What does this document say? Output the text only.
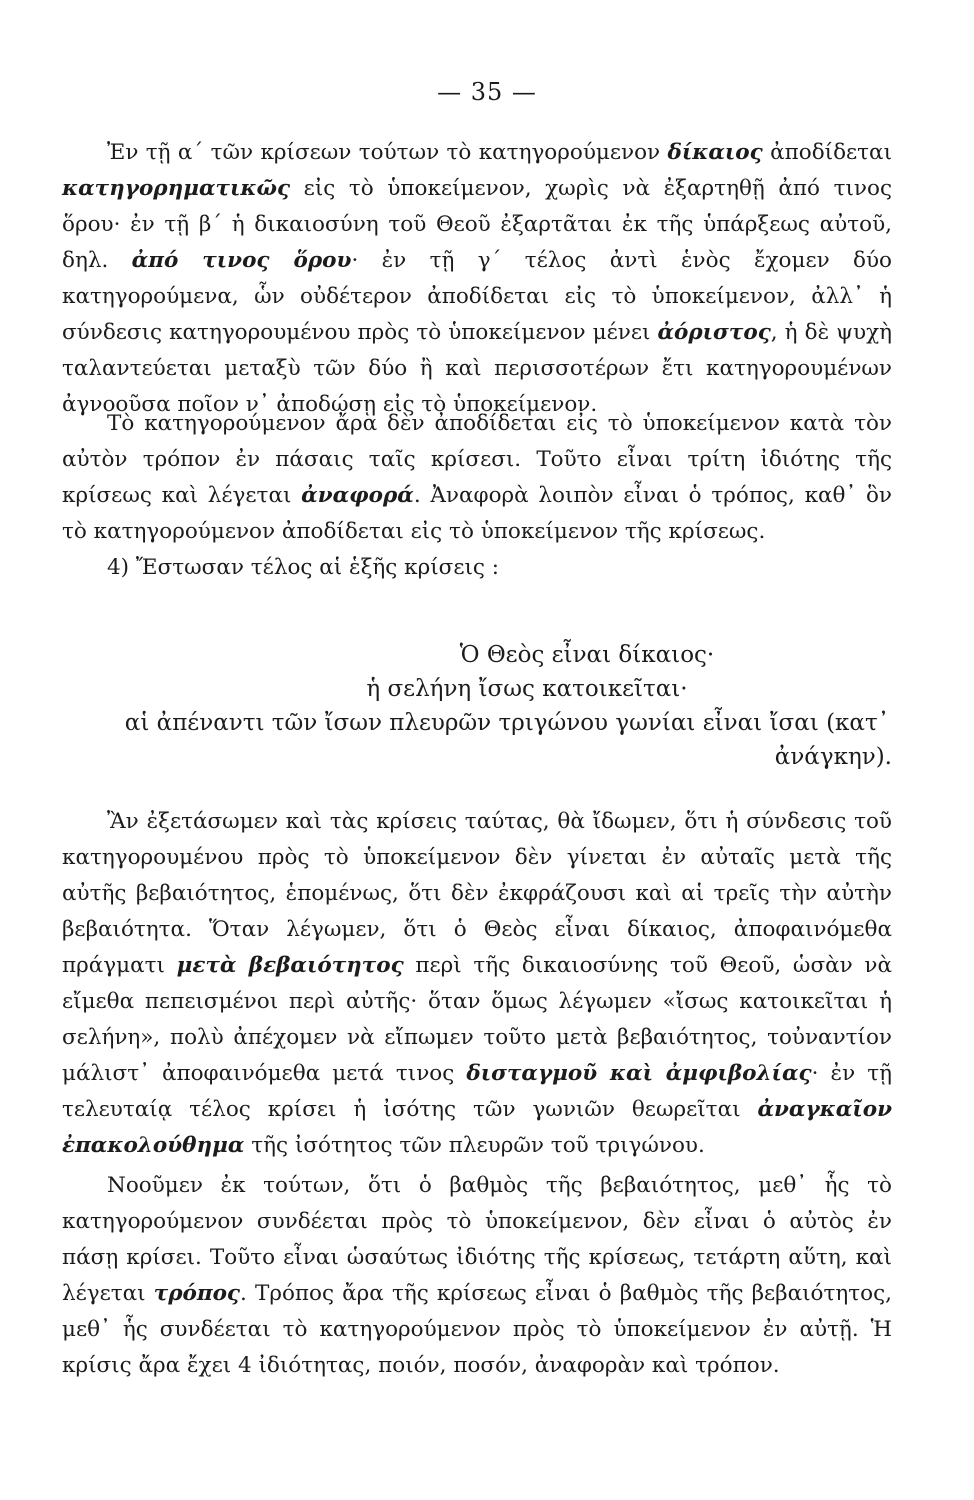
— 35 —

Ἐν τῇ α΄ τῶν κρίσεων τούτων τὸ κατηγορούμενον δίκαιος ἀποδίδεται κατηγορηματικῶς εἰς τὸ ὑποκείμενον, χωρὶς νὰ ἐξαρτηθῇ ἀπό τινος ὅρου· ἐν τῇ β΄ ἡ δικαιοσύνη τοῦ Θεοῦ ἐξαρτᾶται ἐκ τῆς ὑπάρξεως αὐτοῦ, δηλ. ἀπό τινος ὅρου· ἐν τῇ γ΄ τέλος ἀντὶ ἑνὸς ἔχομεν δύο κατηγορούμενα, ὧν οὐδέτερον ἀποδίδεται εἰς τὸ ὑποκείμενον, ἀλλ᾽ ἡ σύνδεσις κατηγορουμένου πρὸς τὸ ὑποκείμενον μένει ἀόριστος, ἡ δὲ ψυχὴ ταλαντεύεται μεταξὺ τῶν δύο ἢ καὶ περισσοτέρων ἔτι κατηγορουμένων ἀγνοοῦσα ποῖον ν᾽ ἀποδώσῃ εἰς τὸ ὑποκείμενον.

Τὸ κατηγορούμενον ἄρα δὲν ἀποδίδεται εἰς τὸ ὑποκείμενον κατὰ τὸν αὐτὸν τρόπον ἐν πάσαις ταῖς κρίσεσι. Τοῦτο εἶναι τρίτη ἰδιότης τῆς κρίσεως καὶ λέγεται ἀναφορά. Ἀναφορὰ λοιπὸν εἶναι ὁ τρόπος, καθ᾽ ὃν τὸ κατηγορούμενον ἀποδίδεται εἰς τὸ ὑποκείμενον τῆς κρίσεως.

4) Ἔστωσαν τέλος αἱ ἑξῆς κρίσεις :

Ὁ Θεὸς εἶναι δίκαιος·
ἡ σελήνη ἴσως κατοικεῖται·
αἱ ἀπέναντι τῶν ἴσων πλευρῶν τριγώνου γωνίαι εἶναι ἴσαι (κατ᾽
ἀνάγκην).

Ἂν ἐξετάσωμεν καὶ τὰς κρίσεις ταύτας, θὰ ἴδωμεν, ὅτι ἡ σύνδεσις τοῦ κατηγορουμένου πρὸς τὸ ὑποκείμενον δὲν γίνεται ἐν αὐταῖς μετὰ τῆς αὐτῆς βεβαιότητος, ἑπομένως, ὅτι δὲν ἐκφράζουσι καὶ αἱ τρεῖς τὴν αὐτὴν βεβαιότητα. Ὅταν λέγωμεν, ὅτι ὁ Θεὸς εἶναι δίκαιος, ἀποφαινόμεθα πράγματι μετὰ βεβαιότητος περὶ τῆς δικαιοσύνης τοῦ Θεοῦ, ὡσὰν νὰ εἴμεθα πεπεισμένοι περὶ αὐτῆς· ὅταν ὅμως λέγωμεν «ἴσως κατοικεῖται ἡ σελήνη», πολὺ ἀπέχομεν νὰ εἴπωμεν τοῦτο μετὰ βεβαιότητος, τοὐναντίον μάλιστ᾽ ἀποφαινόμεθα μετά τινος δισταγμοῦ καὶ ἀμφιβολίας· ἐν τῇ τελευταίᾳ τέλος κρίσει ἡ ἰσότης τῶν γωνιῶν θεωρεῖται ἀναγκαῖον ἐπακολούθημα τῆς ἰσότητος τῶν πλευρῶν τοῦ τριγώνου.

Νοοῦμεν ἐκ τούτων, ὅτι ὁ βαθμὸς τῆς βεβαιότητος, μεθ᾽ ἧς τὸ κατηγορούμενον συνδέεται πρὸς τὸ ὑποκείμενον, δὲν εἶναι ὁ αὐτὸς ἐν πάσῃ κρίσει. Τοῦτο εἶναι ὡσαύτως ἰδιότης τῆς κρίσεως, τετάρτη αὕτη, καὶ λέγεται τρόπος. Τρόπος ἄρα τῆς κρίσεως εἶναι ὁ βαθμὸς τῆς βεβαιότητος, μεθ᾽ ἧς συνδέεται τὸ κατηγορούμενον πρὸς τὸ ὑποκείμενον ἐν αὐτῇ. Ἡ κρίσις ἄρα ἔχει 4 ἰδιότητας, ποιόν, ποσόν, ἀναφορὰν καὶ τρόπον.
